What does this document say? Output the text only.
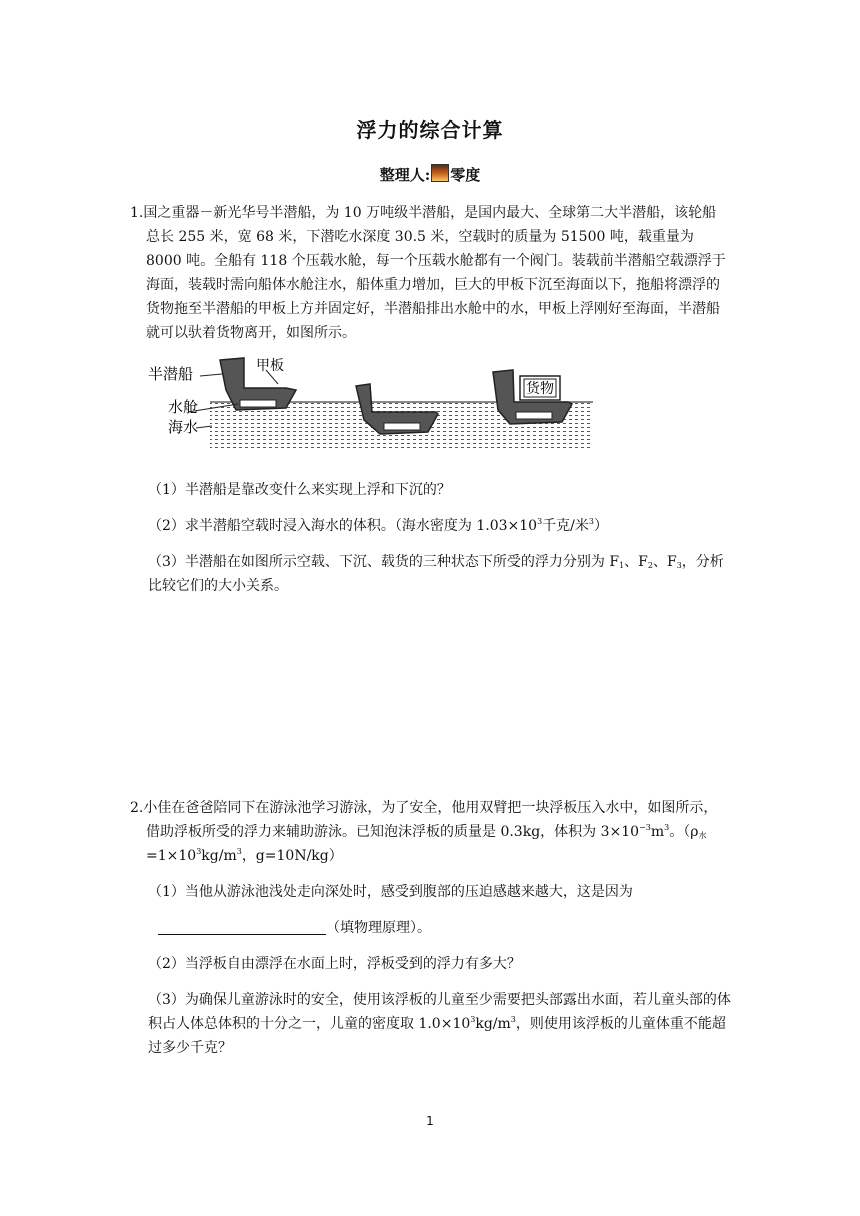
浮力的综合计算
整理人: 零度
1.国之重器－新光华号半潜船，为 10 万吨级半潜船，是国内最大、全球第二大半潜船，该轮船总长 255 米，宽 68 米，下潜吃水深度 30.5 米，空载时的质量为 51500 吨，载重量为 8000 吨。全船有 118 个压载水舱，每一个压载水舱都有一个阀门。装载前半潜船空载漂浮于海面，装载时需向船体水舱注水，船体重力增加，巨大的甲板下沉至海面以下，拖船将漂浮的货物拖至半潜船的甲板上方并固定好，半潜船排出水舱中的水，甲板上浮刚好至海面，半潜船就可以驮着货物离开，如图所示。
半潜船	甲板
水舱
海水
货物
（1）半潜船是靠改变什么来实现上浮和下沉的？
（2）求半潜船空载时浸入海水的体积。（海水密度为 $1.03\times 10^3$千克/米$^3$）
（3）半潜船在如图所示空载、下沉、载货的三种状态下所受的浮力分别为 $F_1$、$F_2$、$F_3$，分析比较它们的大小关系。
2.小佳在爸爸陪同下在游泳池学习游泳，为了安全，他用双臂把一块浮板压入水中，如图所示，借助浮板所受的浮力来辅助游泳。已知泡沫浮板的质量是 0.3kg，体积为 $3\times 10^{-3}m^3$。（$\rho_水=1\times 10^3kg/m^3$，g=10N/kg）
（1）当他从游泳池浅处走向深处时，感受到腹部的压迫感越来越大，这是因为
（填物理原理）。
（2）当浮板自由漂浮在水面上时，浮板受到的浮力有多大？
（3）为确保儿童游泳时的安全，使用该浮板的儿童至少需要把头部露出水面，若儿童头部的体积占人体总体积的十分之一，儿童的密度取 $1.0\times 10^3kg/m^3$，则使用该浮板的儿童体重不能超过多少千克？
1
